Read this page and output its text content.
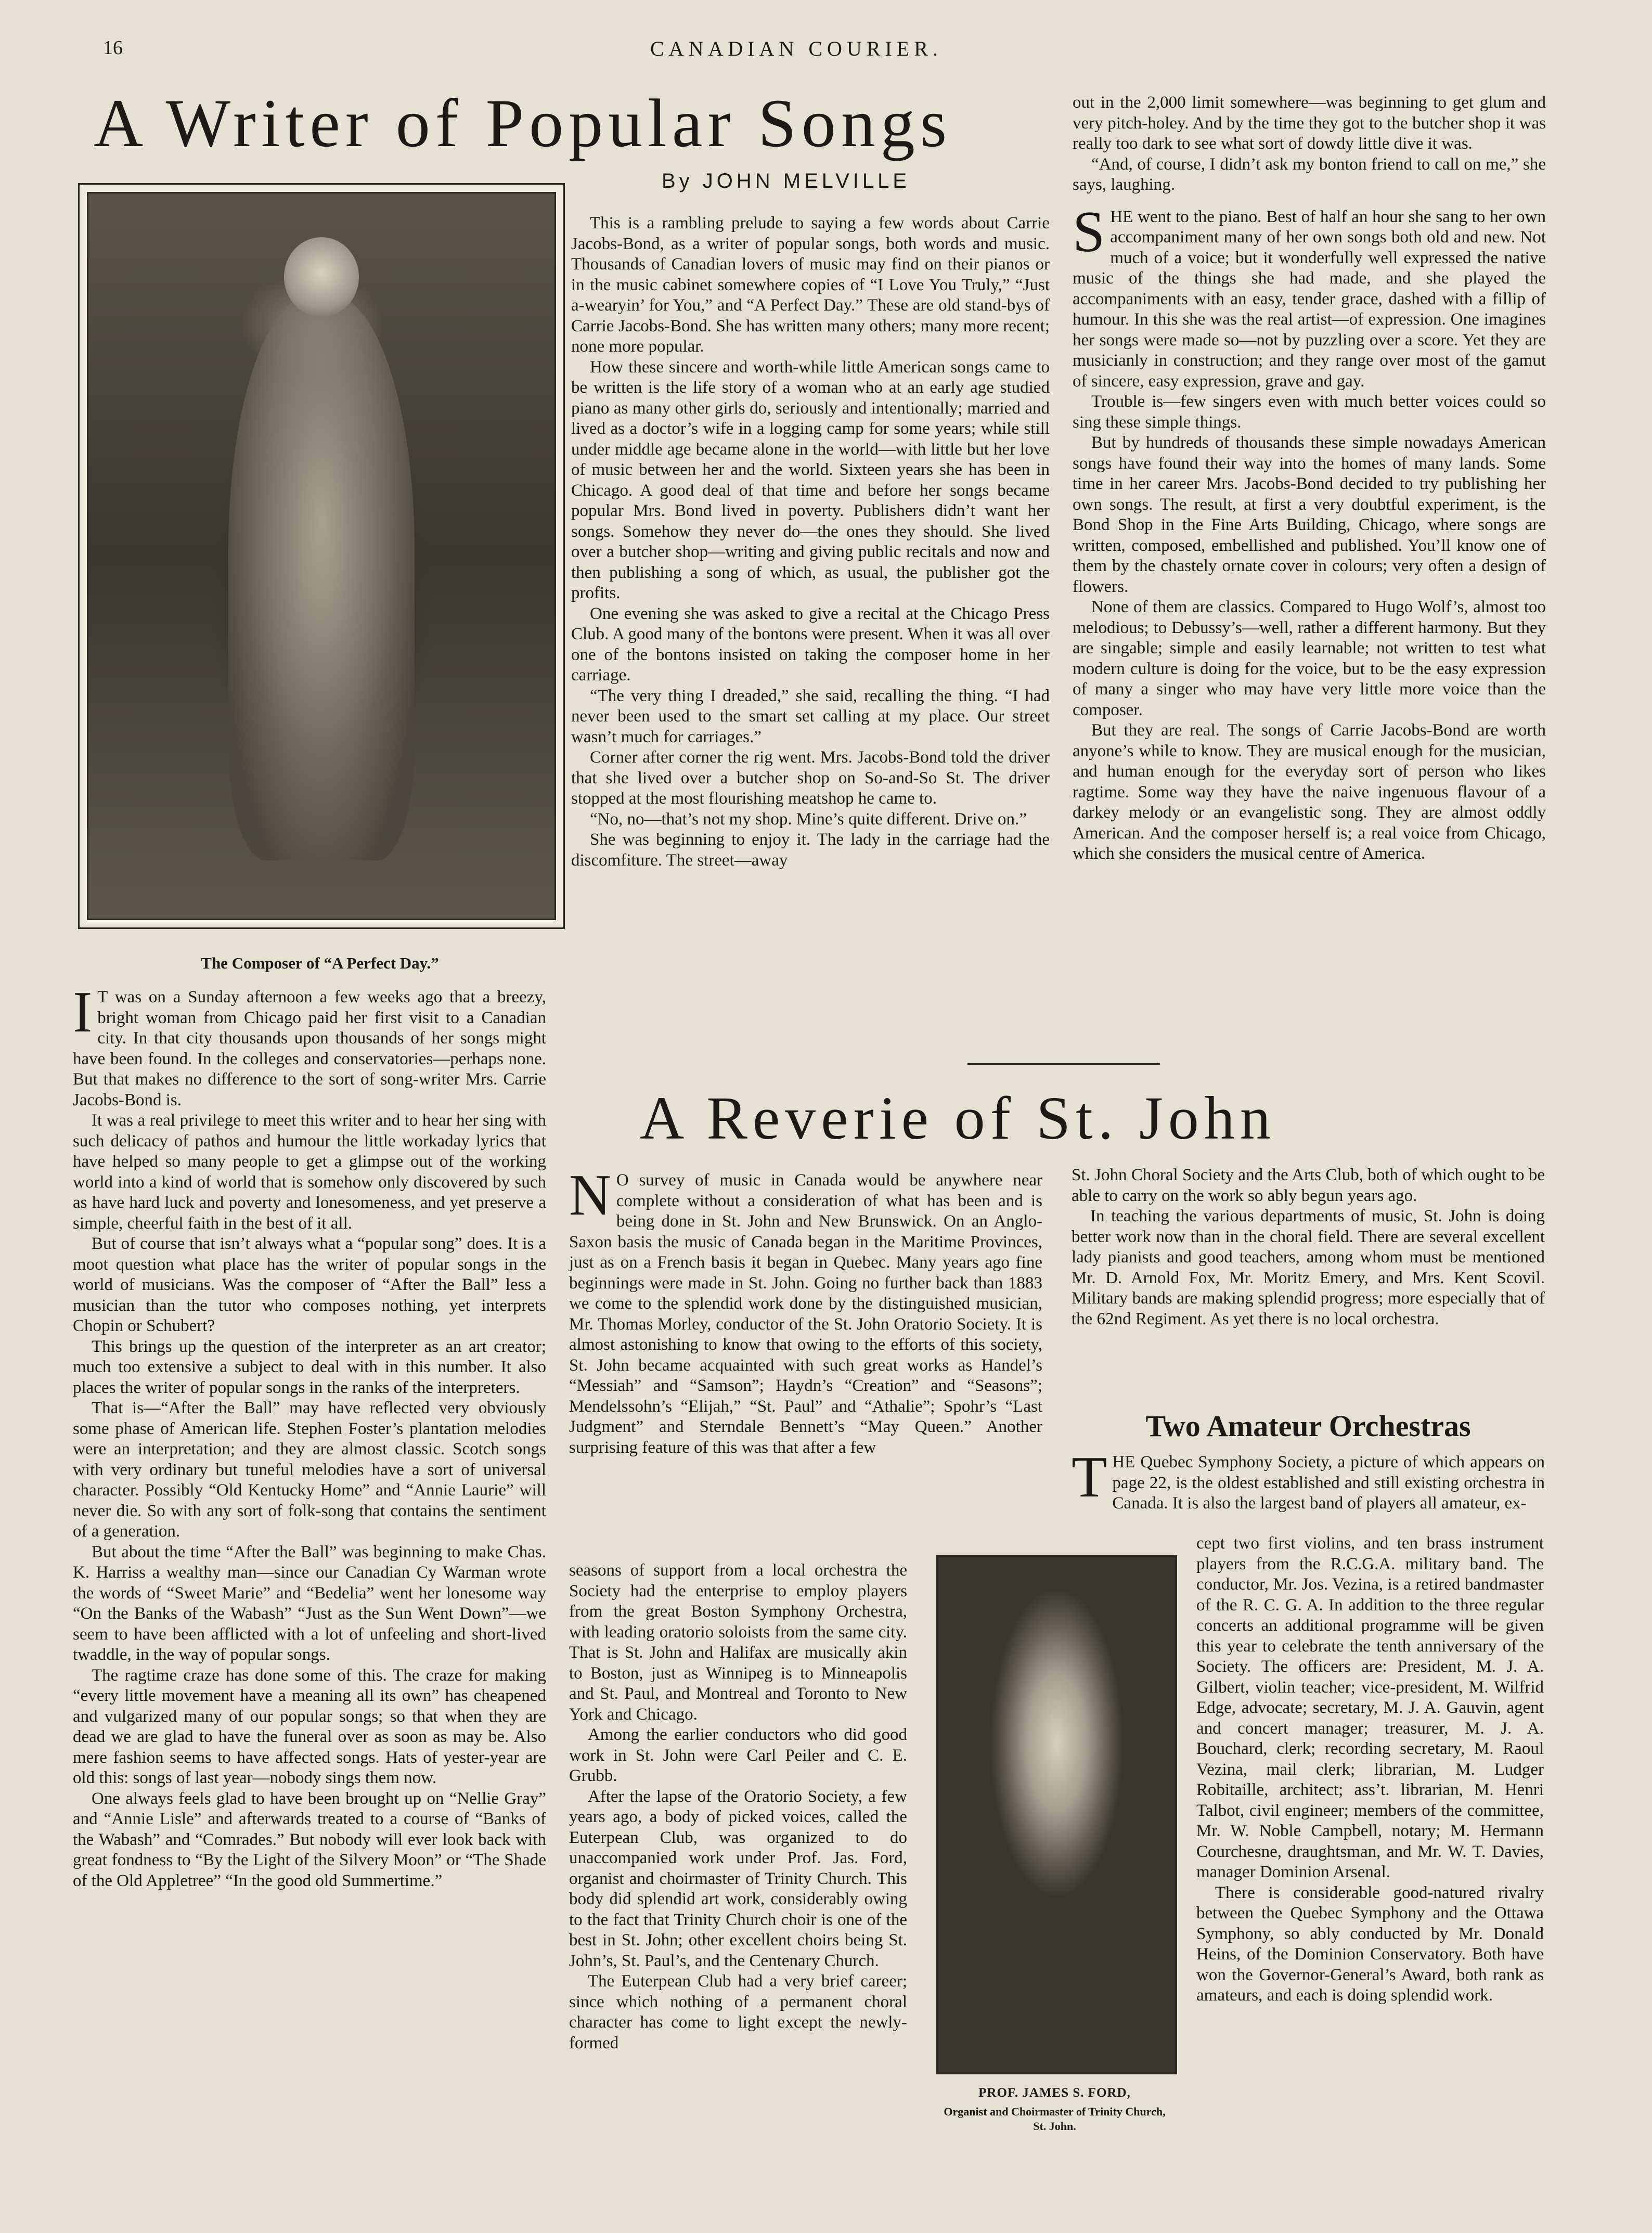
16	CANADIAN COURIER.
A Writer of Popular Songs
By JOHN MELVILLE
The Composer of “A Perfect Day.”

IT was on a Sunday afternoon a few weeks ago that a breezy, bright woman from Chicago paid her first visit to a Canadian city. In that city thousands upon thousands of her songs might have been found. In the colleges and conservatories—perhaps none. But that makes no difference to the sort of song-writer Mrs. Carrie Jacobs-Bond is.

It was a real privilege to meet this writer and to hear her sing with such delicacy of pathos and humour the little workaday lyrics that have helped so many people to get a glimpse out of the working world into a kind of world that is somehow only discovered by such as have hard luck and poverty and lonesomeness, and yet preserve a simple, cheerful faith in the best of it all.

But of course that isn’t always what a “popular song” does. It is a moot question what place has the writer of popular songs in the world of musicians. Was the composer of “After the Ball” less a musician than the tutor who composes nothing, yet interprets Chopin or Schubert?

This brings up the question of the interpreter as an art creator; much too extensive a subject to deal with in this number. It also places the writer of popular songs in the ranks of the interpreters.

That is—“After the Ball” may have reflected very obviously some phase of American life. Stephen Foster’s plantation melodies were an interpretation; and they are almost classic. Scotch songs with very ordinary but tuneful melodies have a sort of universal character. Possibly “Old Kentucky Home” and “Annie Laurie” will never die. So with any sort of folk-song that contains the sentiment of a generation.

But about the time “After the Ball” was beginning to make Chas. K. Harriss a wealthy man—since our Canadian Cy Warman wrote the words of “Sweet Marie” and “Bedelia” went her lonesome way “On the Banks of the Wabash” “Just as the Sun Went Down”—we seem to have been afflicted with a lot of unfeeling and short-lived twaddle, in the way of popular songs.

The ragtime craze has done some of this. The craze for making “every little movement have a meaning all its own” has cheapened and vulgarized many of our popular songs; so that when they are dead we are glad to have the funeral over as soon as may be. Also mere fashion seems to have affected songs. Hats of yester-year are old this: songs of last year—nobody sings them now.

One always feels glad to have been brought up on “Nellie Gray” and “Annie Lisle” and afterwards treated to a course of “Banks of the Wabash” and “Comrades.” But nobody will ever look back with great fondness to “By the Light of the Silvery Moon” or “The Shade of the Old Appletree” “In the good old Summertime.”

This is a rambling prelude to saying a few words about Carrie Jacobs-Bond, as a writer of popular songs, both words and music. Thousands of Canadian lovers of music may find on their pianos or in the music cabinet somewhere copies of “I Love You Truly,” “Just a-wearyin’ for You,” and “A Perfect Day.” These are old stand-bys of Carrie Jacobs-Bond. She has written many others; many more recent; none more popular.

How these sincere and worth-while little American songs came to be written is the life story of a woman who at an early age studied piano as many other girls do, seriously and intentionally; married and lived as a doctor’s wife in a logging camp for some years; while still under middle age became alone in the world—with little but her love of music between her and the world. Sixteen years she has been in Chicago. A good deal of that time and before her songs became popular Mrs. Bond lived in poverty. Publishers didn’t want her songs. Somehow they never do—the ones they should. She lived over a butcher shop—writing and giving public recitals and now and then publishing a song of which, as usual, the publisher got the profits.

One evening she was asked to give a recital at the Chicago Press Club. A good many of the bontons were present. When it was all over one of the bontons insisted on taking the composer home in her carriage.

“The very thing I dreaded,” she said, recalling the thing. “I had never been used to the smart set calling at my place. Our street wasn’t much for carriages.”

Corner after corner the rig went. Mrs. Jacobs-Bond told the driver that she lived over a butcher shop on So-and-So St. The driver stopped at the most flourishing meatshop he came to.

“No, no—that’s not my shop. Mine’s quite different. Drive on.”

She was beginning to enjoy it. The lady in the carriage had the discomfiture. The street—away

out in the 2,000 limit somewhere—was beginning to get glum and very pitch-holey. And by the time they got to the butcher shop it was really too dark to see what sort of dowdy little dive it was.

“And, of course, I didn’t ask my bonton friend to call on me,” she says, laughing.

SHE went to the piano. Best of half an hour she sang to her own accompaniment many of her own songs both old and new. Not much of a voice; but it wonderfully well expressed the native music of the things she had made, and she played the accompaniments with an easy, tender grace, dashed with a fillip of humour. In this she was the real artist—of expression. One imagines her songs were made so—not by puzzling over a score. Yet they are musicianly in construction; and they range over most of the gamut of sincere, easy expression, grave and gay.

Trouble is—few singers even with much better voices could so sing these simple things.

But by hundreds of thousands these simple nowadays American songs have found their way into the homes of many lands. Some time in her career Mrs. Jacobs-Bond decided to try publishing her own songs. The result, at first a very doubtful experiment, is the Bond Shop in the Fine Arts Building, Chicago, where songs are written, composed, embellished and published. You’ll know one of them by the chastely ornate cover in colours; very often a design of flowers.

None of them are classics. Compared to Hugo Wolf’s, almost too melodious; to Debussy’s—well, rather a different harmony. But they are singable; simple and easily learnable; not written to test what modern culture is doing for the voice, but to be the easy expression of many a singer who may have very little more voice than the composer.

But they are real. The songs of Carrie Jacobs-Bond are worth anyone’s while to know. They are musical enough for the musician, and human enough for the everyday sort of person who likes ragtime. Some way they have the naive ingenuous flavour of a darkey melody or an evangelistic song. They are almost oddly American. And the composer herself is; a real voice from Chicago, which she considers the musical centre of America.

A Reverie of St. John

NO survey of music in Canada would be anywhere near complete without a consideration of what has been and is being done in St. John and New Brunswick. On an Anglo-Saxon basis the music of Canada began in the Maritime Provinces, just as on a French basis it began in Quebec. Many years ago fine beginnings were made in St. John. Going no further back than 1883 we come to the splendid work done by the distinguished musician, Mr. Thomas Morley, conductor of the St. John Oratorio Society. It is almost astonishing to know that owing to the efforts of this society, St. John became acquainted with such great works as Handel’s “Messiah” and “Samson”; Haydn’s “Creation” and “Seasons”; Mendelssohn’s “Elijah,” “St. Paul” and “Athalie”; Spohr’s “Last Judgment” and Sterndale Bennett’s “May Queen.” Another surprising feature of this was that after a few

seasons of support from a local orchestra the Society had the enterprise to employ players from the great Boston Symphony Orchestra, with leading oratorio soloists from the same city. That is St. John and Halifax are musically akin to Boston, just as Winnipeg is to Minneapolis and St. Paul, and Montreal and Toronto to New York and Chicago.

Among the earlier conductors who did good work in St. John were Carl Peiler and C. E. Grubb.

After the lapse of the Oratorio Society, a few years ago, a body of picked voices, called the Euterpean Club, was organized to do unaccompanied work under Prof. Jas. Ford, organist and choirmaster of Trinity Church. This body did splendid art work, considerably owing to the fact that Trinity Church choir is one of the best in St. John; other excellent choirs being St. John’s, St. Paul’s, and the Centenary Church.

The Euterpean Club had a very brief career; since which nothing of a permanent choral character has come to light except the newly-formed

PROF. JAMES S. FORD,
Organist and Choirmaster of Trinity Church, St. John.

St. John Choral Society and the Arts Club, both of which ought to be able to carry on the work so ably begun years ago.

In teaching the various departments of music, St. John is doing better work now than in the choral field. There are several excellent lady pianists and good teachers, among whom must be mentioned Mr. D. Arnold Fox, Mr. Moritz Emery, and Mrs. Kent Scovil. Military bands are making splendid progress; more especially that of the 62nd Regiment. As yet there is no local orchestra.

Two Amateur Orchestras

THE Quebec Symphony Society, a picture of which appears on page 22, is the oldest established and still existing orchestra in Canada. It is also the largest band of players all amateur, ex-

cept two first violins, and ten brass instrument players from the R.C.G.A. military band. The conductor, Mr. Jos. Vezina, is a retired bandmaster of the R. C. G. A. In addition to the three regular concerts an additional programme will be given this year to celebrate the tenth anniversary of the Society. The officers are: President, M. J. A. Gilbert, violin teacher; vice-president, M. Wilfrid Edge, advocate; secretary, M. J. A. Gauvin, agent and concert manager; treasurer, M. J. A. Bouchard, clerk; recording secretary, M. Raoul Vezina, mail clerk; librarian, M. Ludger Robitaille, architect; ass’t. librarian, M. Henri Talbot, civil engineer; members of the committee, Mr. W. Noble Campbell, notary; M. Hermann Courchesne, draughtsman, and Mr. W. T. Davies, manager Dominion Arsenal.

There is considerable good-natured rivalry between the Quebec Symphony and the Ottawa Symphony, so ably conducted by Mr. Donald Heins, of the Dominion Conservatory. Both have won the Governor-General’s Award, both rank as amateurs, and each is doing splendid work.
